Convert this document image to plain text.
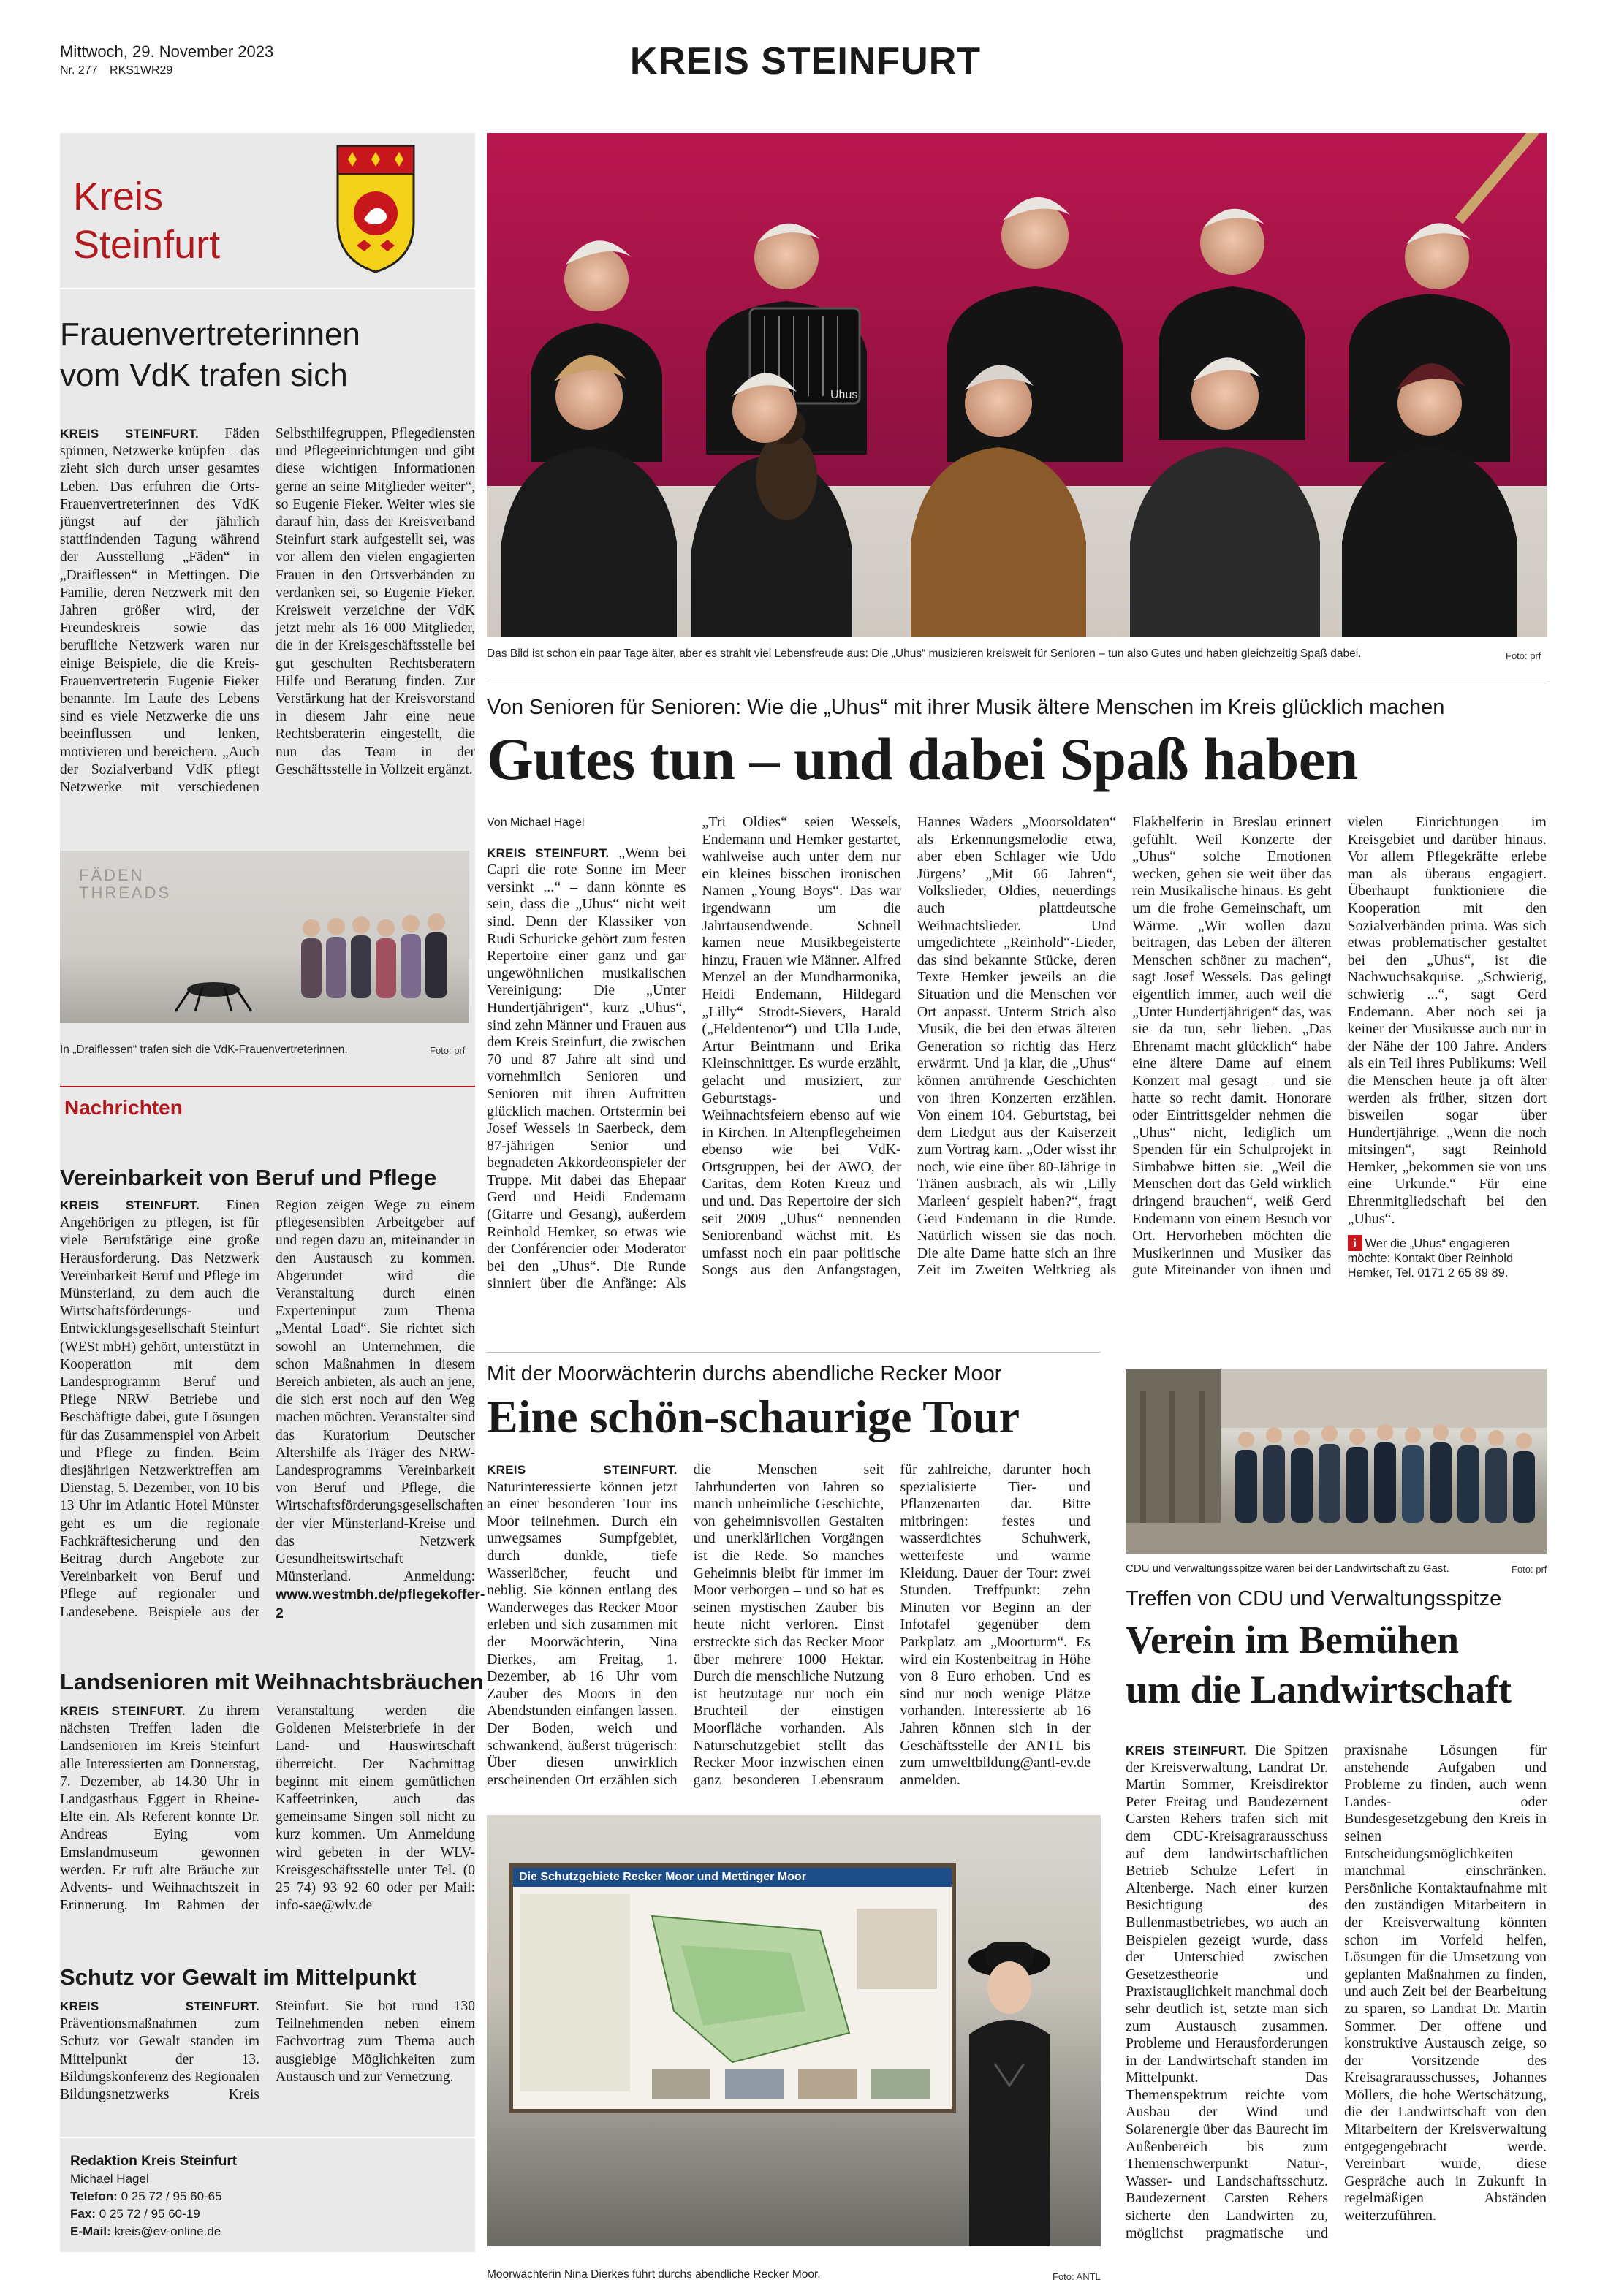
Mittwoch, 29. November 2023
Nr. 277 RKS1WR29	KREIS STEINFURT
Kreis
Steinfurt
Frauenvertreterinnen
vom VdK trafen sich

KREIS STEINFURT. Fäden spinnen, Netzwerke knüpfen – das zieht sich durch unser gesamtes Leben. Das erfuhren die Orts-Frauenvertreterinnen des VdK jüngst auf der jährlich stattfindenden Tagung während der Ausstellung „Fäden“ in „Draiflessen“ in Mettingen. Die Familie, deren Netzwerk mit den Jahren größer wird, der Freundeskreis sowie das berufliche Netzwerk waren nur einige Beispiele, die die Kreis-Frauenvertreterin Eugenie Fieker benannte. Im Laufe des Lebens sind es viele Netzwerke die uns beeinflussen und lenken, motivieren und bereichern. „Auch der Sozialverband VdK pflegt Netzwerke mit verschiedenen Selbsthilfegruppen, Pflegediensten und Pflegeeinrichtungen und gibt diese wichtigen Informationen gerne an seine Mitglieder weiter“, so Eugenie Fieker. Weiter wies sie darauf hin, dass der Kreisverband Steinfurt stark aufgestellt sei, was vor allem den vielen engagierten Frauen in den Ortsverbänden zu verdanken sei, so Eugenie Fieker. Kreisweit verzeichne der VdK jetzt mehr als 16 000 Mitglieder, die in der Kreisgeschäftsstelle bei gut geschulten Rechtsberatern Hilfe und Beratung finden. Zur Verstärkung hat der Kreisvorstand in diesem Jahr eine neue Rechtsberaterin eingestellt, die nun das Team in der Geschäftsstelle in Vollzeit ergänzt.

FÄDEN
THREADS
In „Draiflessen“ trafen sich die VdK-Frauenvertreterinnen.	Foto: prf
Nachrichten
Vereinbarkeit von Beruf und Pflege

KREIS STEINFURT. Einen Angehörigen zu pflegen, ist für viele Berufstätige eine große Herausforderung. Das Netzwerk Vereinbarkeit Beruf und Pflege im Münsterland, zu dem auch die Wirtschaftsförderungs- und Entwicklungsgesellschaft Steinfurt (WESt mbH) gehört, unterstützt in Kooperation mit dem Landesprogramm Beruf und Pflege NRW Betriebe und Beschäftigte dabei, gute Lösungen für das Zusammenspiel von Arbeit und Pflege zu finden. Beim diesjährigen Netzwerktreffen am Dienstag, 5. Dezember, von 10 bis 13 Uhr im Atlantic Hotel Münster geht es um die regionale Fachkräftesicherung und den Beitrag durch Angebote zur Vereinbarkeit von Beruf und Pflege auf regionaler und Landesebene. Beispiele aus der Region zeigen Wege zu einem pflegesensiblen Arbeitgeber auf und regen dazu an, miteinander in den Austausch zu kommen. Abgerundet wird die Veranstaltung durch einen Experteninput zum Thema „Mental Load“. Sie richtet sich sowohl an Unternehmen, die schon Maßnahmen in diesem Bereich anbieten, als auch an jene, die sich erst noch auf den Weg machen möchten. Veranstalter sind das Kuratorium Deutscher Altershilfe als Träger des NRW-Landesprogramms Vereinbarkeit von Beruf und Pflege, die Wirtschaftsförderungsgesellschaften der vier Münsterland-Kreise und das Netzwerk Gesundheitswirtschaft Münsterland. Anmeldung: www.westmbh.de/pflegekoffer-2

Landsenioren mit Weihnachtsbräuchen

KREIS STEINFURT. Zu ihrem nächsten Treffen laden die Landsenioren im Kreis Steinfurt alle Interessierten am Donnerstag, 7. Dezember, ab 14.30 Uhr in Landgasthaus Eggert in Rheine-Elte ein. Als Referent konnte Dr. Andreas Eying vom Emslandmuseum gewonnen werden. Er ruft alte Bräuche zur Advents- und Weihnachtszeit in Erinnerung. Im Rahmen der Veranstaltung werden die Goldenen Meisterbriefe in der Land- und Hauswirtschaft überreicht. Der Nachmittag beginnt mit einem gemütlichen Kaffeetrinken, auch das gemeinsame Singen soll nicht zu kurz kommen. Um Anmeldung wird gebeten in der WLV-Kreisgeschäftsstelle unter Tel. (0 25 74) 93 92 60 oder per Mail: info-sae@wlv.de

Schutz vor Gewalt im Mittelpunkt

KREIS STEINFURT. Präventionsmaßnahmen zum Schutz vor Gewalt standen im Mittelpunkt der 13. Bildungskonferenz des Regionalen Bildungsnetzwerks Kreis Steinfurt. Sie bot rund 130 Teilnehmenden neben einem Fachvortrag zum Thema auch ausgiebige Möglichkeiten zum Austausch und zur Vernetzung.

Redaktion Kreis Steinfurt
Michael Hagel
Telefon: 0 25 72 / 95 60-65
Fax: 0 25 72 / 95 60-19
E-Mail: kreis@ev-online.de
Uhus
Das Bild ist schon ein paar Tage älter, aber es strahlt viel Lebensfreude aus: Die „Uhus“ musizieren kreisweit für Senioren – tun also Gutes und haben gleichzeitig Spaß dabei.	Foto: prf
Von Senioren für Senioren: Wie die „Uhus“ mit ihrer Musik ältere Menschen im Kreis glücklich machen
Gutes tun – und dabei Spaß haben

Von Michael Hagel

KREIS STEINFURT. „Wenn bei Capri die rote Sonne im Meer versinkt ...“ – dann könnte es sein, dass die „Uhus“ nicht weit sind. Denn der Klassiker von Rudi Schuricke gehört zum festen Repertoire einer ganz und gar ungewöhnlichen musikalischen Vereinigung: Die „Unter Hundertjährigen“, kurz „Uhus“, sind zehn Männer und Frauen aus dem Kreis Steinfurt, die zwischen 70 und 87 Jahre alt sind und vornehmlich Senioren und Senioren mit ihren Auftritten glücklich machen. Ortstermin bei Josef Wessels in Saerbeck, dem 87-jährigen Senior und begnadeten Akkordeonspieler der Truppe. Mit dabei das Ehepaar Gerd und Heidi Endemann (Gitarre und Gesang), außerdem Reinhold Hemker, so etwas wie der Conférencier oder Moderator bei den „Uhus“. Die Runde sinniert über die Anfänge: Als „Tri Oldies“ seien Wessels, Endemann und Hemker gestartet, wahlweise auch unter dem nur ein kleines bisschen ironischen Namen „Young Boys“. Das war irgendwann um die Jahrtausendwende. Schnell kamen neue Musikbegeisterte hinzu, Frauen wie Männer. Alfred Menzel an der Mundharmonika, Heidi Endemann, Hildegard „Lilly“ Strodt-Sievers, Harald („Heldentenor“) und Ulla Lude, Artur Beintmann und Erika Kleinschnittger. Es wurde erzählt, gelacht und musiziert, zur Geburtstags- und Weihnachtsfeiern ebenso auf wie in Kirchen. In Altenpflegeheimen ebenso wie bei VdK-Ortsgruppen, bei der AWO, der Caritas, dem Roten Kreuz und und und. Das Repertoire der sich seit 2009 „Uhus“ nennenden Seniorenband wächst mit. Es umfasst noch ein paar politische Songs aus den Anfangstagen, Hannes Waders „Moorsoldaten“ als Erkennungsmelodie etwa, aber eben Schlager wie Udo Jürgens’ „Mit 66 Jahren“, Volkslieder, Oldies, neuerdings auch plattdeutsche Weihnachtslieder. Und umgedichtete „Reinhold“-Lieder, das sind bekannte Stücke, deren Texte Hemker jeweils an die Situation und die Menschen vor Ort anpasst. Unterm Strich also Musik, die bei den etwas älteren Generation so richtig das Herz erwärmt. Und ja klar, die „Uhus“ können anrührende Geschichten von ihren Konzerten erzählen. Von einem 104. Geburtstag, bei dem Liedgut aus der Kaiserzeit zum Vortrag kam. „Oder wisst ihr noch, wie eine über 80-Jährige in Tränen ausbrach, als wir ‚Lilly Marleen‘ gespielt haben?“, fragt Gerd Endemann in die Runde. Natürlich wissen sie das noch. Die alte Dame hatte sich an ihre Zeit im Zweiten Weltkrieg als Flakhelferin in Breslau erinnert gefühlt. Weil Konzerte der „Uhus“ solche Emotionen wecken, gehen sie weit über das rein Musikalische hinaus. Es geht um die frohe Gemeinschaft, um Wärme. „Wir wollen dazu beitragen, das Leben der älteren Menschen schöner zu machen“, sagt Josef Wessels. Das gelingt eigentlich immer, auch weil die „Unter Hundertjährigen“ das, was sie da tun, sehr lieben. „Das Ehrenamt macht glücklich“ habe eine ältere Dame auf einem Konzert mal gesagt – und sie hatte so recht damit. Honorare oder Eintrittsgelder nehmen die „Uhus“ nicht, lediglich um Spenden für ein Schulprojekt in Simbabwe bitten sie. „Weil die Menschen dort das Geld wirklich dringend brauchen“, weiß Gerd Endemann von einem Besuch vor Ort. Hervorheben möchten die Musikerinnen und Musiker das gute Miteinander von ihnen und vielen Einrichtungen im Kreisgebiet und darüber hinaus. Vor allem Pflegekräfte erlebe man als überaus engagiert. Überhaupt funktioniere die Kooperation mit den Sozialverbänden prima. Was sich etwas problematischer gestaltet bei den „Uhus“, ist die Nachwuchsakquise. „Schwierig, schwierig ...“, sagt Gerd Endemann. Aber noch sei ja keiner der Musikusse auch nur in der Nähe der 100 Jahre. Anders als ein Teil ihres Publikums: Weil die Menschen heute ja oft älter werden als früher, sitzen dort bisweilen sogar über Hundertjährige. „Wenn die noch mitsingen“, sagt Reinhold Hemker, „bekommen sie von uns eine Urkunde.“ Für eine Ehrenmitgliedschaft bei den „Uhus“.

i Wer die „Uhus“ engagieren möchte: Kontakt über Reinhold Hemker, Tel. 0171 2 65 89 89.

Mit der Moorwächterin durchs abendliche Recker Moor
Eine schön-schaurige Tour

KREIS STEINFURT. Naturinteressierte können jetzt an einer besonderen Tour ins Moor teilnehmen. Durch ein unwegsames Sumpfgebiet, durch dunkle, tiefe Wasserlöcher, feucht und neblig. Sie können entlang des Wanderweges das Recker Moor erleben und sich zusammen mit der Moorwächterin, Nina Dierkes, am Freitag, 1. Dezember, ab 16 Uhr vom Zauber des Moors in den Abendstunden einfangen lassen. Der Boden, weich und schwankend, äußerst trügerisch: Über diesen unwirklich erscheinenden Ort erzählen sich die Menschen seit Jahrhunderten von Jahren so manch unheimliche Geschichte, von geheimnisvollen Gestalten und unerklärlichen Vorgängen ist die Rede. So manches Geheimnis bleibt für immer im Moor verborgen – und so hat es seinen mystischen Zauber bis heute nicht verloren. Einst erstreckte sich das Recker Moor über mehrere 1000 Hektar. Durch die menschliche Nutzung ist heutzutage nur noch ein Bruchteil der einstigen Moorfläche vorhanden. Als Naturschutzgebiet stellt das Recker Moor inzwischen einen ganz besonderen Lebensraum für zahlreiche, darunter hoch spezialisierte Tier- und Pflanzenarten dar. Bitte mitbringen: festes und wasserdichtes Schuhwerk, wetterfeste und warme Kleidung. Dauer der Tour: zwei Stunden. Treffpunkt: zehn Minuten vor Beginn an der Infotafel gegenüber dem Parkplatz am „Moorturm“. Es wird ein Kostenbeitrag in Höhe von 8 Euro erhoben. Und es sind nur noch wenige Plätze vorhanden. Interessierte ab 16 Jahren können sich in der Geschäftsstelle der ANTL bis zum umweltbildung@antl-ev.de anmelden.

Die Schutzgebiete Recker Moor und Mettinger Moor
Moorwächterin Nina Dierkes führt durchs abendliche Recker Moor.	Foto: ANTL
CDU und Verwaltungsspitze waren bei der Landwirtschaft zu Gast.	Foto: prf
Treffen von CDU und Verwaltungsspitze
Verein im Bemühen
um die Landwirtschaft

KREIS STEINFURT. Die Spitzen der Kreisverwaltung, Landrat Dr. Martin Sommer, Kreisdirektor Peter Freitag und Baudezernent Carsten Rehers trafen sich mit dem CDU-Kreisagrarausschuss auf dem landwirtschaftlichen Betrieb Schulze Lefert in Altenberge. Nach einer kurzen Besichtigung des Bullenmastbetriebes, wo auch an Beispielen gezeigt wurde, dass der Unterschied zwischen Gesetzestheorie und Praxistauglichkeit manchmal doch sehr deutlich ist, setzte man sich zum Austausch zusammen. Probleme und Herausforderungen in der Landwirtschaft standen im Mittelpunkt. Das Themenspektrum reichte vom Ausbau der Wind und Solarenergie über das Baurecht im Außenbereich bis zum Themenschwerpunkt Natur-, Wasser- und Landschaftsschutz. Baudezernent Carsten Rehers sicherte den Landwirten zu, möglichst pragmatische und praxisnahe Lösungen für anstehende Aufgaben und Probleme zu finden, auch wenn Landes- oder Bundesgesetzgebung den Kreis in seinen Entscheidungsmöglichkeiten manchmal einschränken. Persönliche Kontaktaufnahme mit den zuständigen Mitarbeitern in der Kreisverwaltung könnten schon im Vorfeld helfen, Lösungen für die Umsetzung von geplanten Maßnahmen zu finden, und auch Zeit bei der Bearbeitung zu sparen, so Landrat Dr. Martin Sommer. Der offene und konstruktive Austausch zeige, so der Vorsitzende des Kreisagrarausschusses, Johannes Möllers, die hohe Wertschätzung, die der Landwirtschaft von den Mitarbeitern der Kreisverwaltung entgegengebracht werde. Vereinbart wurde, diese Gespräche auch in Zukunft in regelmäßigen Abständen weiterzuführen.
